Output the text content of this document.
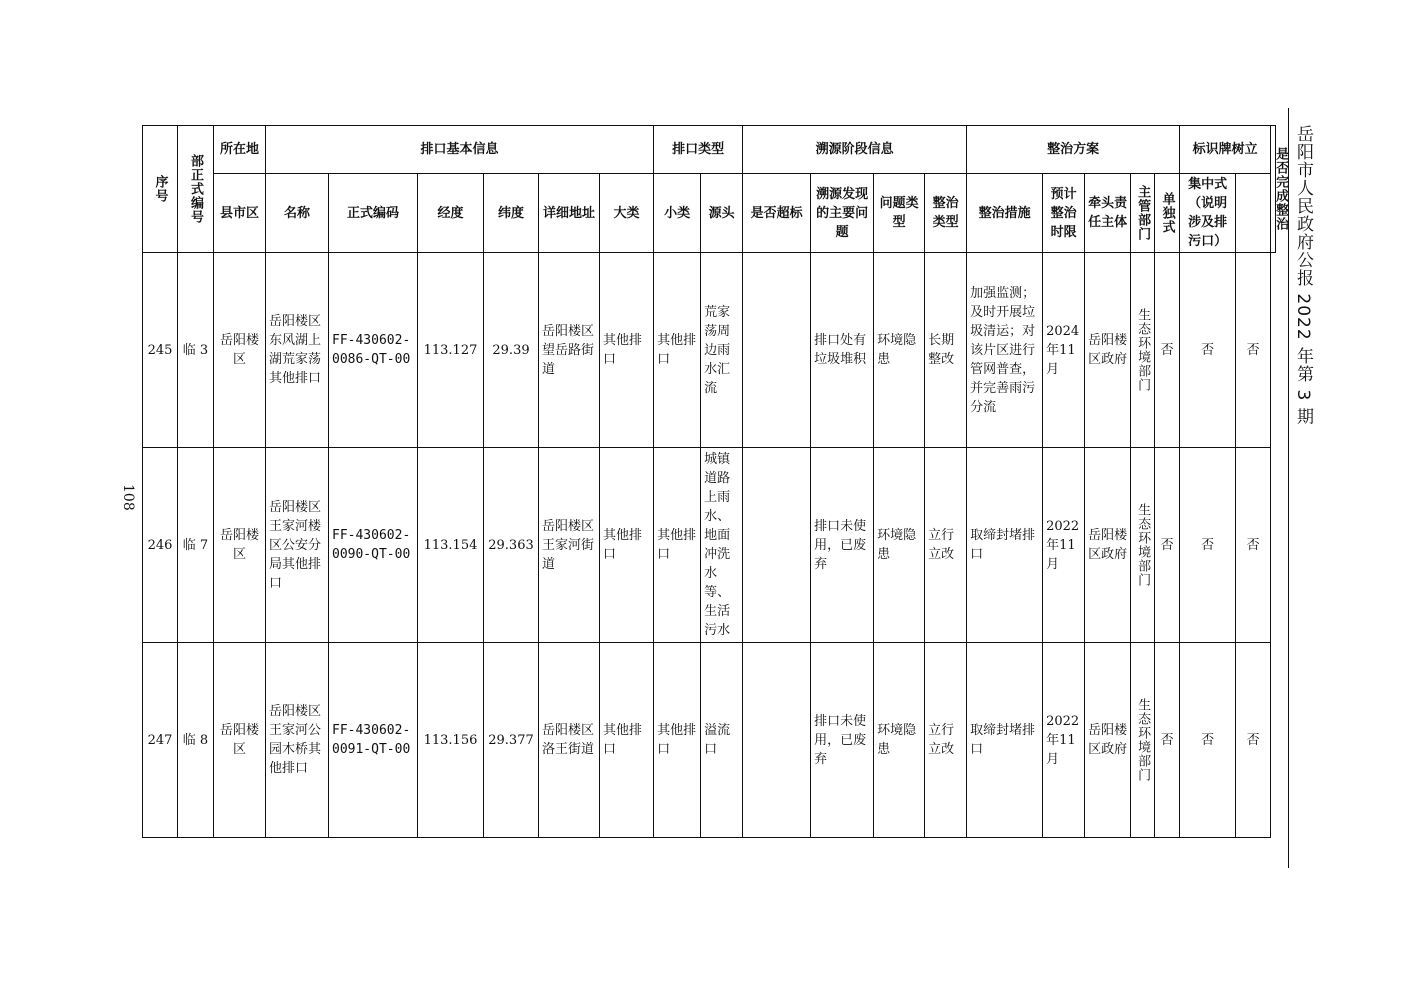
108
岳阳市人民政府公报 2022 年第 3 期
序号	部正式编号	所在地	排口基本信息						排口类型		溯源阶段信息				整治方案					标识牌树立		是否完成整治

		县市区	名称	正式编码	经度	纬度	详细地址	大类	小类	源头	是否超标	溯源发现的主要问题	问题类型	整治类型	整治措施	预计整治时限	牵头责任主体	主管部门	单独式	集中式（说明涉及排污口）		
245	临 3	岳阳楼区	岳阳楼区东风湖上湖荒家荡其他排口	FF-430602-0086-QT-00	113.127	29.39	岳阳楼区望岳路街道	其他排口	其他排口	荒家荡周边雨水汇流		排口处有垃圾堆积	环境隐患	长期整改	加强监测；及时开展垃圾清运；对该片区进行管网普查，并完善雨污分流	2024年11月	岳阳楼区政府	生态环境部门	否	否	否	
246	临 7	岳阳楼区	岳阳楼区王家河楼区公安分局其他排口	FF-430602-0090-QT-00	113.154	29.363	岳阳楼区王家河街道	其他排口	其他排口	城镇道路上雨水、地面冲洗水等、生活污水		排口未使用，已废弃	环境隐患	立行立改	取缔封堵排口	2022年11月	岳阳楼区政府	生态环境部门	否	否	否	
247	临 8	岳阳楼区	岳阳楼区王家河公园木桥其他排口	FF-430602-0091-QT-00	113.156	29.377	岳阳楼区洛王街道	其他排口	其他排口	溢流口		排口未使用，已废弃	环境隐患	立行立改	取缔封堵排口	2022年11月	岳阳楼区政府	生态环境部门	否	否	否	
